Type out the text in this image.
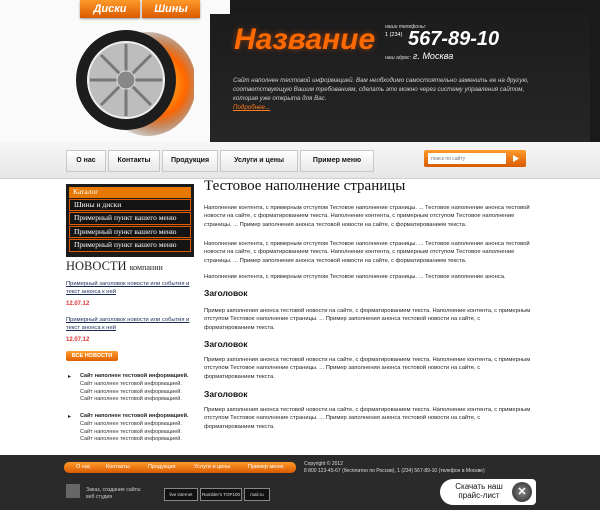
Диски	Шины
Название наши телефоны:
1 (234) 567-89-10
наш адрес: г. Москва
Сайт наполнен тестовой информацией. Вам необходимо самостоятельно заменить ее на другую, соответствующую Вашим требованиям, сделать это можно через систему управления сайтом, которая уже открыта для Вас.
Подробнее...
О нас	Контакты	Продукция	Услуги и цены	Пример меню
поиск по сайту
Каталог
Шины и диски
Примерный пункт вашего меню
Примерный пункт вашего меню
Примерный пункт вашего меню
НОВОСТИ компании
Примерный заголовок новости или события и текст анонса к ней
12.07.12
Примерный заголовок новости или события и текст анонса к ней
12.07.12
ВСЕ НОВОСТИ
▸ Сайт наполнен тестовой информацией.
Сайт наполнен тестовой информацией. Сайт наполнен тестовой информацией. Сайт наполнен тестовой информацией.
▸ Сайт наполнен тестовой информацией.
Сайт наполнен тестовой информацией. Сайт наполнен тестовой информацией. Сайт наполнен тестовой информацией.
Тестовое наполнение страницы
Наполнение контента, с примерным отступом Тестовое наполнение страницы. ... Тестовое наполнение анонса тестовой новости на сайте, с форматированием текста. Наполнение контента, с примерным отступом Тестовое наполнение страницы. ... Пример заполнения анонса тестовой новости на сайте, с форматированием текста.
Наполнение контента, с примерным отступом Тестовое наполнение страницы. ... Тестовое наполнение анонса тестовой новости на сайте, с форматированием текста. Наполнение контента, с примерным отступом Тестовое наполнение страницы. ... Пример заполнения анонса тестовой новости на сайте, с форматированием текста.
Наполнение контента, с примерным отступом Тестовое наполнение страницы. ... Тестовое наполнение анонса.
Заголовок
Пример заполнения анонса тестовой новости на сайте, с форматированием текста. Наполнение контента, с примерным отступом Тестовое наполнение страницы. ... Пример заполнения анонса тестовой новости на сайте, с форматированием текста.
Заголовок
Пример заполнения анонса тестовой новости на сайте, с форматированием текста. Наполнение контента, с примерным отступом Тестовое наполнение страницы. ... Пример заполнения анонса тестовой новости на сайте, с форматированием текста.
Заголовок
Пример заполнения анонса тестовой новости на сайте, с форматированием текста. Наполнение контента, с примерным отступом Тестовое наполнение страницы. ... Пример заполнения анонса тестовой новости на сайте, с форматированием текста.
О нас	Контакты	Продукция	Услуги и цены	Пример меню	Copyright © 2012
8 800 123-45-67 (бесплатно по России), 1 (234) 567-89-10 (телефон в Москве)
Заказ, создание сайта:
веб студия	live internet	Rambler's TOP100	mail.ru
Скачать наш прайс-лист	✕
